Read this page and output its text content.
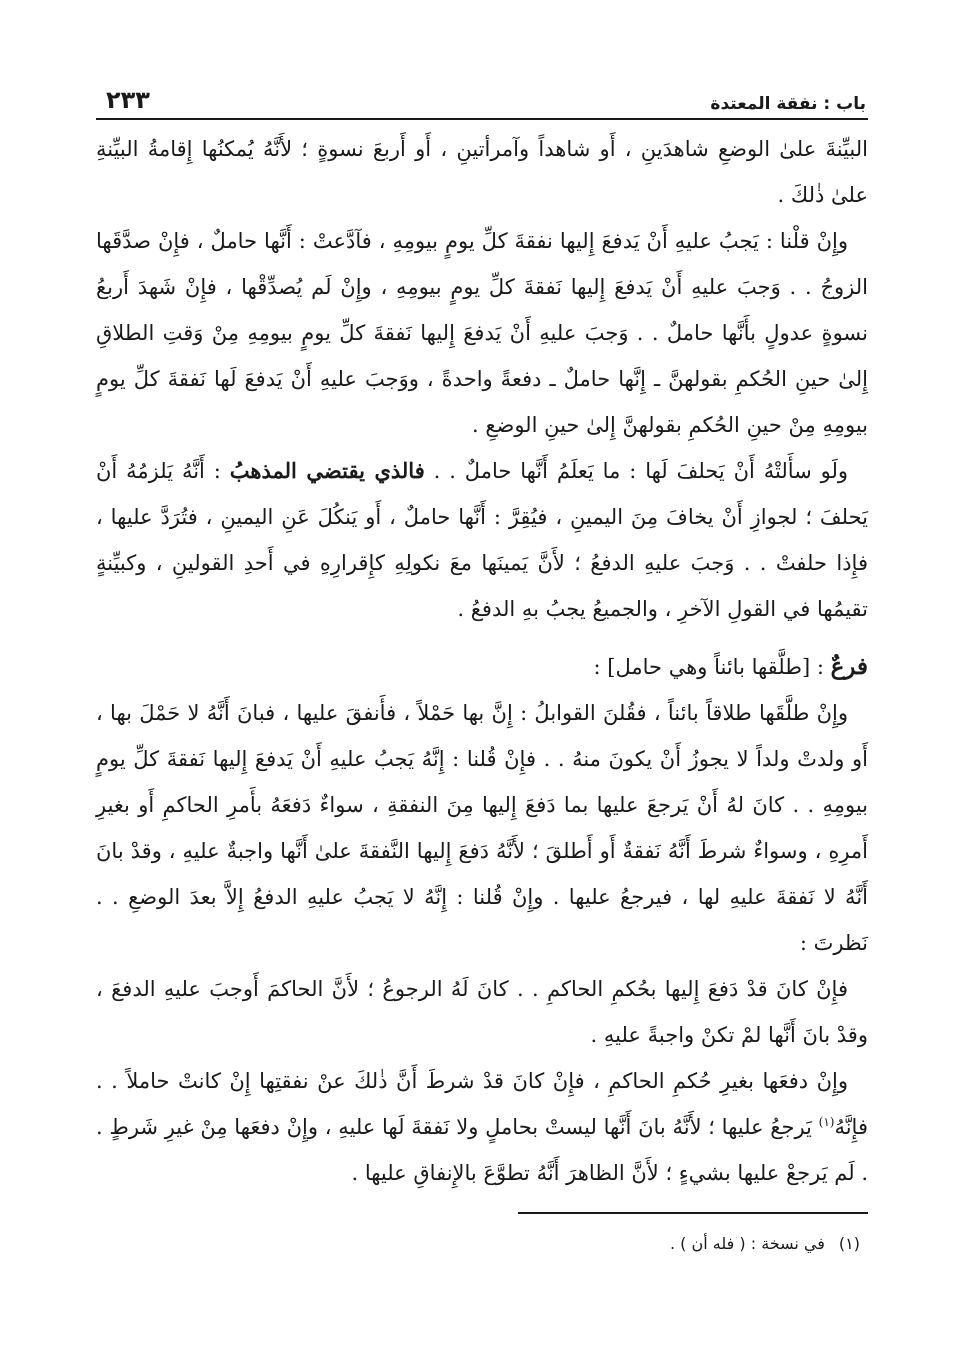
باب : نفقة المعتدة
٢٣٣

البيِّنةَ علىٰ الوضعِ شاهدَينِ ، أَو شاهداً وآمرأتينِ ، أَو أَربعَ نسوةٍ ؛ لأَنَّهُ يُمكنُها إِقامةُ البيِّنةِ علىٰ ذٰلكَ .

وإِنْ قلْنا : يَجبُ عليهِ أَنْ يَدفعَ إِليها نفقةَ كلِّ يومٍ بيومِهِ ، فآدَّعتْ : أَنَّها حاملٌ ، فإِنْ صدَّقَها الزوجُ . . وَجبَ عليهِ أَنْ يَدفعَ إِليها نَفقةَ كلِّ يومٍ بيومِهِ ، وإِنْ لَم يُصدِّقْها ، فإِنْ شَهدَ أَربعُ نسوةٍ عدولٍ بأَنَّها حاملٌ . . وَجبَ عليهِ أَنْ يَدفعَ إِليها نَفقةَ كلِّ يومٍ بيومِهِ مِنْ وَقتِ الطلاقِ إِلىٰ حينِ الحُكمِ بقولهنَّ ـ إِنَّها حاملٌ ـ دفعةً واحدةً ، ووَجبَ عليهِ أَنْ يَدفعَ لَها نَفقةَ كلِّ يومٍ بيومِهِ مِنْ حينِ الحُكمِ بقولهنَّ إِلىٰ حينِ الوضعِ .

ولَو سأَلتْهُ أَنْ يَحلفَ لَها : ما يَعلَمُ أَنَّها حاملٌ . . فالذي يقتضي المذهبُ : أَنَّهُ يَلزمُهُ أَنْ يَحلفَ ؛ لجوازِ أَنْ يخافَ مِنَ اليمينِ ، فيُقِرَّ : أَنَّها حاملٌ ، أَو يَنكُلَ عَنِ اليمينِ ، فتُرَدَّ عليها ، فإِذا حلفتْ . . وَجبَ عليهِ الدفعُ ؛ لأَنَّ يَمينَها معَ نكولِهِ كإِقرارِهِ في أَحدِ القولينِ ، وكبيِّنةٍ تقيمُها في القولِ الآخرِ ، والجميعُ يجبُ بهِ الدفعُ .

فرعٌ : [طلَّقها بائناً وهي حامل] :

وإِنْ طلَّقَها طلاقاً بائناً ، فقُلنَ القوابلُ : إِنَّ بها حَمْلاً ، فأَنفقَ عليها ، فبانَ أَنَّهُ لا حَمْلَ بها ، أَو ولدتْ ولداً لا يجوزُ أَنْ يكونَ منهُ . . فإِنْ قُلنا : إِنَّهُ يَجبُ عليهِ أَنْ يَدفعَ إِليها نَفقةَ كلِّ يومٍ بيومِهِ . . كانَ لهُ أَنْ يَرجعَ عليها بما دَفعَ إِليها مِنَ النفقةِ ، سواءٌ دَفعَهُ بأَمرِ الحاكمِ أَو بغيرِ أَمرِهِ ، وسواءٌ شرطَ أَنَّهُ نَفقةٌ أَو أَطلقَ ؛ لأَنَّهُ دَفعَ إِليها النَّفقةَ علىٰ أَنَّها واجبةٌ عليهِ ، وقدْ بانَ أَنَّهُ لا نَفقةَ عليهِ لها ، فيرجعُ عليها . وإِنْ قُلنا : إِنَّهُ لا يَجبُ عليهِ الدفعُ إِلاَّ بعدَ الوضعِ . . نَظرتَ :

فإِنْ كانَ قدْ دَفعَ إِليها بحُكمِ الحاكمِ . . كانَ لَهُ الرجوعُ ؛ لأَنَّ الحاكمَ أَوجبَ عليهِ الدفعَ ، وقدْ بانَ أَنَّها لمْ تكنْ واجبةً عليهِ .

وإِنْ دفعَها بغيرِ حُكمِ الحاكمِ ، فإِنْ كانَ قدْ شرطَ أَنَّ ذٰلكَ عنْ نفقتِها إِنْ كانتْ حاملاً . . فإِنَّهُ$^{(١)}$ يَرجعُ عليها ؛ لأَنَّهُ بانَ أَنَّها ليستْ بحاملٍ ولا نَفقةَ لَها عليهِ ، وإِنْ دفعَها مِنْ غيرِ شَرطٍ . . لَم يَرجعْ عليها بشيءٍ ؛ لأَنَّ الظاهرَ أَنَّهُ تطوَّعَ بالإِنفاقِ عليها .

(١)في نسخة : ( فله أن ) .
